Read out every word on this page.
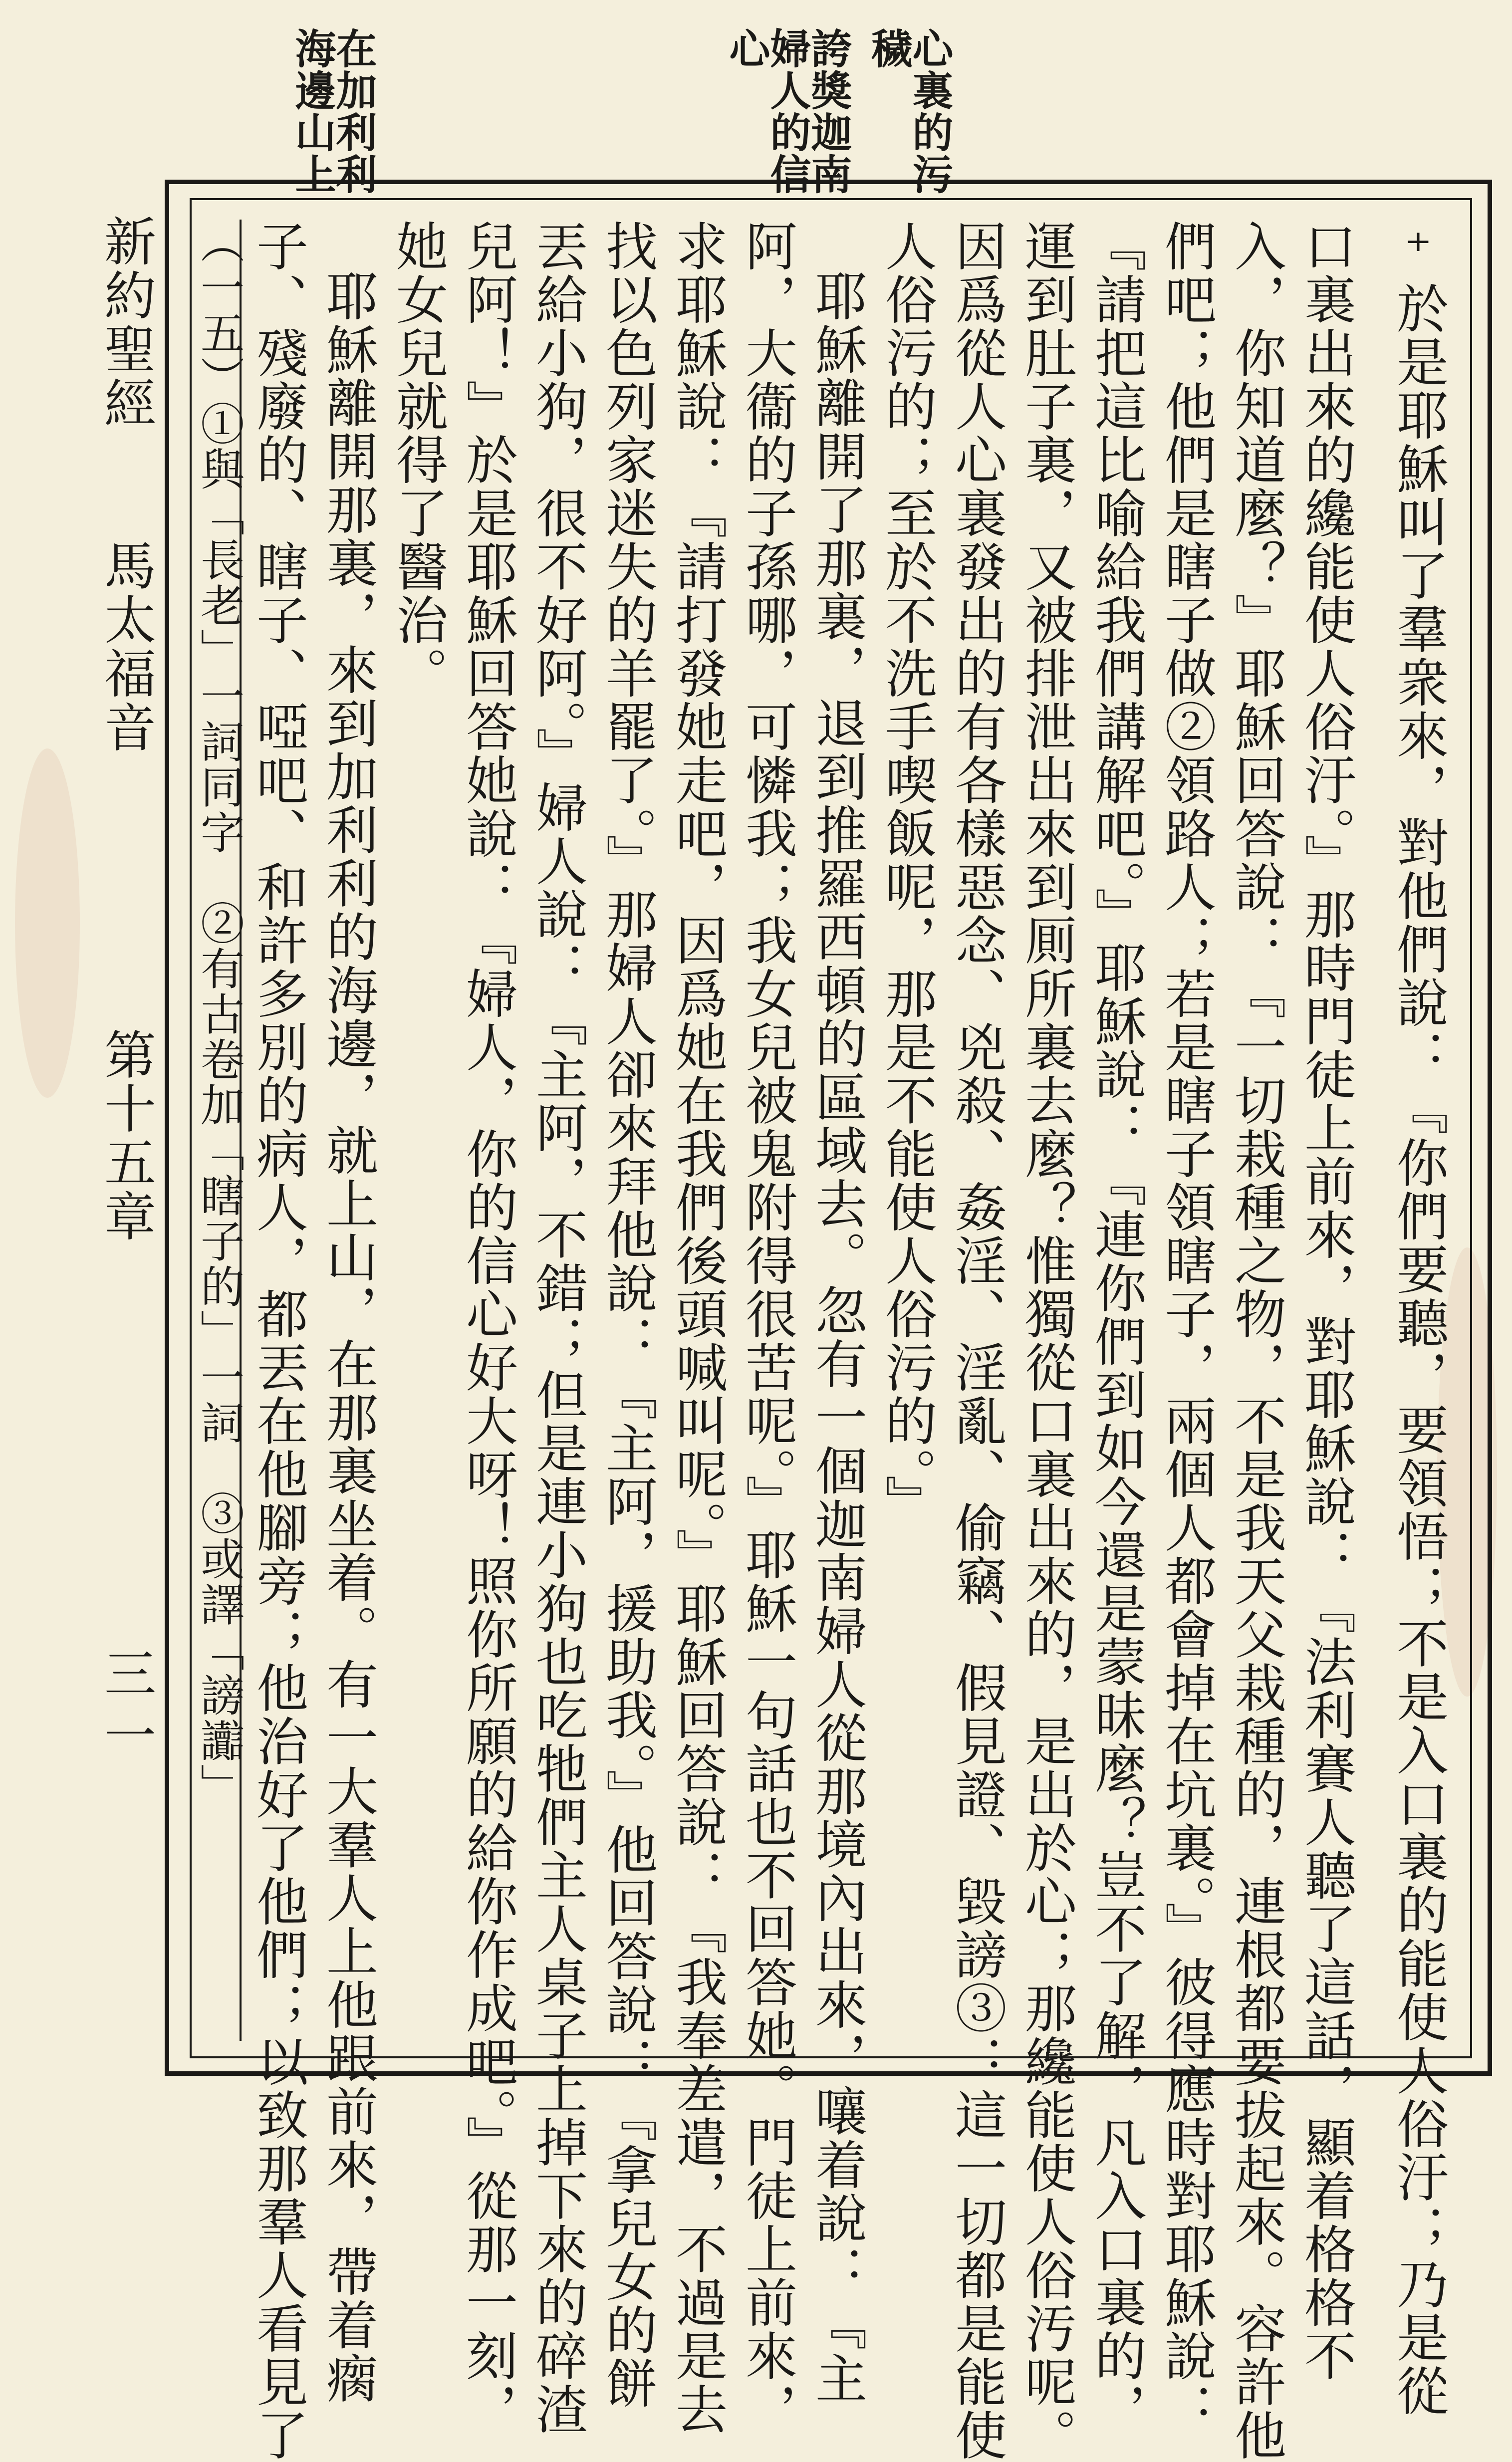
心裏的污
穢
誇獎迦南
婦人的信
心
在加利利
海邊山上
⁺於是耶穌叫了羣衆來，對他們說：『你們要聽，要領悟；不是入口裏的能使人俗汙；乃是從
口裏出來的纔能使人俗汙。』那時門徒上前來，對耶穌說：『法利賽人聽了這話，顯着格格不
入，你知道麼？』耶穌回答說：『一切栽種之物，不是我天父栽種的，連根都要拔起來。容許他
們吧；他們是瞎子做②領路人；若是瞎子領瞎子，兩個人都會掉在坑裏。』彼得應時對耶穌說：
『請把這比喻給我們講解吧。』耶穌說：『連你們到如今還是蒙昧麼？豈不了解，凡入口裏的，
運到肚子裏，又被排泄出來到厠所裏去麼？惟獨從口裏出來的，是出於心；那纔能使人俗汚呢。
因爲從人心裏發出的有各樣惡念、兇殺、姦淫、淫亂、偷竊、假見證、毀謗③：這一切都是能使
人俗污的；至於不洗手喫飯呢，那是不能使人俗污的。』
耶穌離開了那裏，退到推羅西頓的區域去。忽有一個迦南婦人從那境內出來，嚷着說：『主
阿，大衞的子孫哪，可憐我；我女兒被鬼附得很苦呢。』耶穌一句話也不回答她。門徒上前來，
求耶穌說：『請打發她走吧，因爲她在我們後頭喊叫呢。』耶穌回答說：『我奉差遣，不過是去
找以色列家迷失的羊罷了。』那婦人卻來拜他說：『主阿，援助我。』他回答說：『拿兒女的餅
丟給小狗，很不好阿。』婦人說：『主阿，不錯；但是連小狗也吃牠們主人桌子上掉下來的碎渣
兒阿！』於是耶穌回答她說：『婦人，你的信心好大呀！照你所願的給你作成吧。』從那一刻，
她女兒就得了醫治。
耶穌離開那裏，來到加利利的海邊，就上山，在那裏坐着。有一大羣人上他跟前來，帶着瘸
（一五）①與「長老」一詞同字　②有古卷加「瞎子的」一詞　③或譯「謗讟」
新約聖經
馬太福音
第十五章
三一 子、殘廢的、瞎子、啞吧、和許多別的病人，都丟在他腳旁；他治好了他們；以致那羣人看見了
